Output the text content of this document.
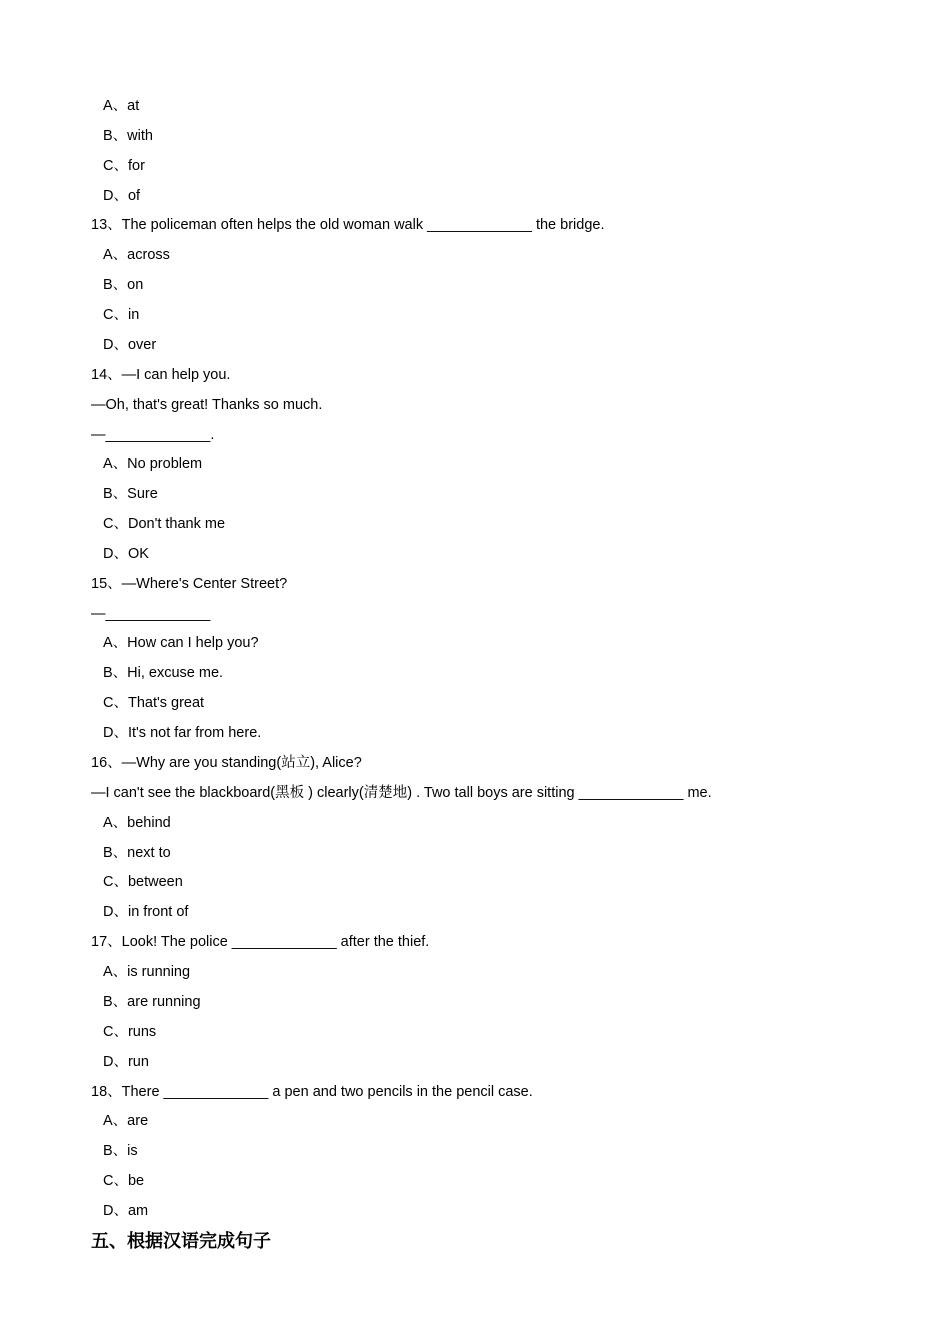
A、at
B、with
C、for
D、of
13、The policeman often helps the old woman walk _____________ the bridge.
A、across
B、on
C、in
D、over
14、—I can help you.
—Oh, that's great! Thanks so much.
—_____________.
A、No problem
B、Sure
C、Don't thank me
D、OK
15、—Where's Center Street?
—_____________
A、How can I help you?
B、Hi, excuse me.
C、That's great
D、It's not far from here.
16、—Why are you standing(站立), Alice?
—I can't see the blackboard(黑板 ) clearly(清楚地) . Two tall boys are sitting _____________ me.
A、behind
B、next to
C、between
D、in front of
17、Look! The police _____________ after the thief.
A、is running
B、are running
C、runs
D、run
18、There _____________ a pen and two pencils in the pencil case.
A、are
B、is
C、be
D、am
五、根据汉语完成句子
